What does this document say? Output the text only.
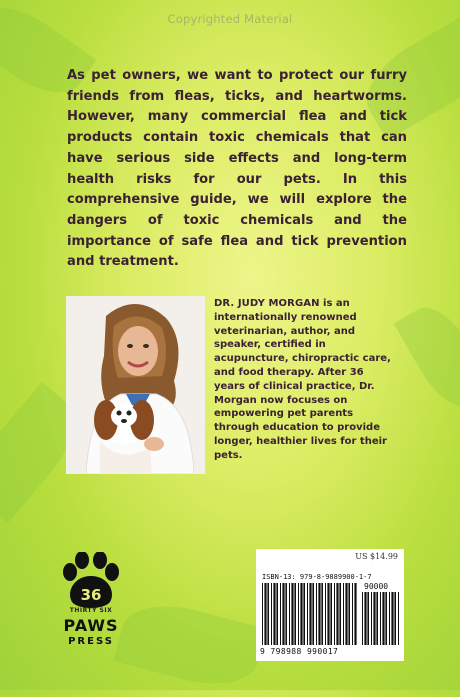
Copyrighted Material
As pet owners, we want to protect our furry friends from fleas, ticks, and heartworms. However, many commercial flea and tick products contain toxic chemicals that can have serious side effects and long-term health risks for our pets. In this comprehensive guide, we will explore the dangers of toxic chemicals and the importance of safe flea and tick prevention and treatment.
DR. JUDY MORGAN is an internationally renowned veterinarian, author, and speaker, certified in acupuncture, chiropractic care, and food therapy. After 36 years of clinical practice, Dr. Morgan now focuses on empowering pet parents through education to provide longer, healthier lives for their pets.
36
THIRTY SIX
PAWS
PRESS
US $14.99
ISBN-13: 979-8-9889900-1-7
90000
9 798988 990017
